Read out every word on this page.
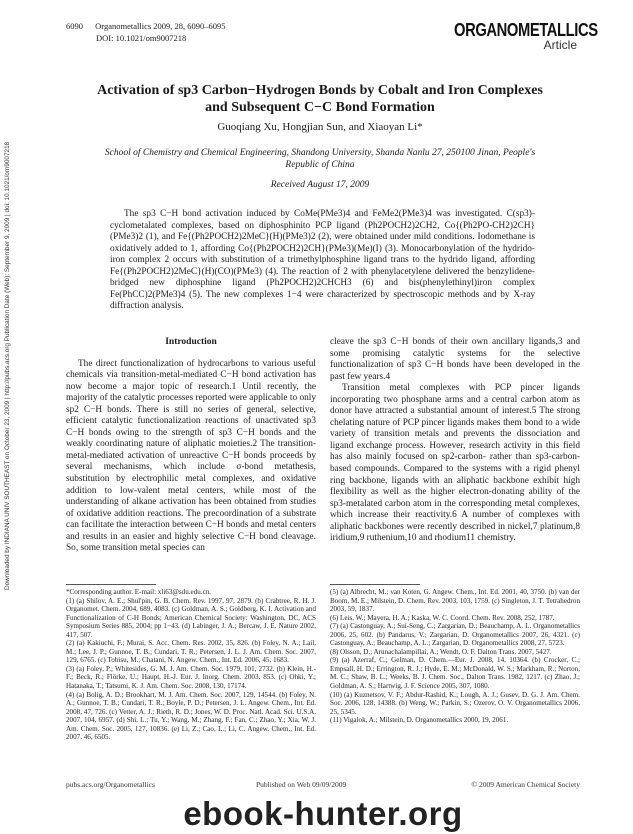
6090 Organometallics 2009, 28, 6090–6095
DOI: 10.1021/om9007218	ORGANOMETALLICS
Article
Activation of sp3 Carbon−Hydrogen Bonds by Cobalt and Iron Complexes and Subsequent C−C Bond Formation
Guoqiang Xu, Hongjian Sun, and Xiaoyan Li*
School of Chemistry and Chemical Engineering, Shandong University, Shanda Nanlu 27, 250100 Jinan, People's Republic of China
Received August 17, 2009
The sp3 C−H bond activation induced by CoMe(PMe3)4 and FeMe2(PMe3)4 was investigated. C(sp3)-cyclometalated complexes, based on diphosphinito PCP ligand (Ph2POCH2)2CH2, Co{(Ph2PO-CH2)2CH}(PMe3)2 (1), and Fe{(Ph2POCH2)2MeC}(H)(PMe3)2 (2), were obtained under mild conditions. Iodomethane is oxidatively added to 1, affording Co{(Ph2POCH2)2CH}(PMe3)(Me)(I) (3). Monocarbonylation of the hydrido-iron complex 2 occurs with substitution of a trimethylphosphine ligand trans to the hydrido ligand, affording Fe{(Ph2POCH2)2MeC}(H)(CO)(PMe3) (4). The reaction of 2 with phenylacetylene delivered the benzylidene-bridged new diphosphine ligand (Ph2POCH2)2CHCH3 (6) and bis(phenylethinyl)iron complex Fe(PhCC)2(PMe3)4 (5). The new complexes 1−4 were characterized by spectroscopic methods and by X-ray diffraction analysis.
Downloaded by INDIANA UNIV SOUTHEAST on October 23, 2009 | http://pubs.acs.org Publication Date (Web): September 9, 2009 | doi: 10.1021/om9007218	Introduction

The direct functionalization of hydrocarbons to various useful chemicals via transition-metal-mediated C−H bond activation has now become a major topic of research.1 Until recently, the majority of the catalytic processes reported were applicable to only sp2 C−H bonds. There is still no series of general, selective, efficient catalytic functionalization reactions of unactivated sp3 C−H bonds owing to the strength of sp3 C−H bonds and the weakly coordinating nature of aliphatic moieties.2 The transition-metal-mediated activation of unreactive C−H bonds proceeds by several mechanisms, which include σ-bond metathesis, substitution by electrophilic metal complexes, and oxidative addition to low-valent metal centers, while most of the understanding of alkane activation has been obtained from studies of oxidative addition reactions. The precoordination of a substrate can facilitate the interaction between C−H bonds and metal centers and results in an easier and highly selective C−H bond cleavage. So, some transition metal species can

cleave the sp3 C−H bonds of their own ancillary ligands,3 and some promising catalytic systems for the selective functionalization of sp3 C−H bonds have been developed in the past few years.4

Transition metal complexes with PCP pincer ligands incorporating two phosphane arms and a central carbon atom as donor have attracted a substantial amount of interest.5 The strong chelating nature of PCP pincer ligands makes them bond to a wide variety of transition metals and prevents the dissociation and ligand exchange process. However, research activity in this field has also mainly focused on sp2-carbon- rather than sp3-carbon-based compounds. Compared to the systems with a rigid phenyl ring backbone, ligands with an aliphatic backbone exhibit high flexibility as well as the higher electron-donating ability of the sp3-metalated carbon atom in the corresponding metal complexes, which increase their reactivity.6 A number of complexes with aliphatic backbones were recently described in nickel,7 platinum,8 iridium,9 ruthenium,10 and rhodium11 chemistry.

*Corresponding author. E-mail: xli63@sdu.edu.cn.

(1) (a) Shilov, A. E.; Shul'pin, G. B. Chem. Rev. 1997, 97, 2879. (b) Crabtree, R. H. J. Organomet. Chem. 2004, 689, 4083. (c) Goldman, A. S.; Goldberg, K. I. Activation and Functionalization of C-H Bonds; American Chemical Society: Washington, DC, ACS Symposium Series 885, 2004; pp 1−43. (d) Labinger, J. A.; Bercaw, J. E. Nature 2002, 417, 507.

(2) (a) Kakiuchi, F.; Murai, S. Acc. Chem. Res. 2002, 35, 826. (b) Foley, N. A.; Lail, M.; Lee, J. P.; Gunnoe, T. B.; Cundari, T. R.; Petersen, J. L. J. Am. Chem. Soc. 2007, 129, 6765. (c) Tobisu, M.; Chatani, N. Angew. Chem., Int. Ed. 2006, 45, 1683.

(3) (a) Foley, P.; Whitesides, G. M. J. Am. Chem. Soc. 1979, 101, 2732. (b) Klein, H.-F.; Beck, R.; Flörke, U.; Haupt, H.-J. Eur. J. Inorg. Chem. 2003, 853. (c) Ohki, Y.; Hatanaka, T.; Tatsumi, K. J. Am. Chem. Soc. 2008, 130, 17174.

(4) (a) Bolig, A. D.; Brookhart, M. J. Am. Chem. Soc. 2007, 129, 14544. (b) Foley, N. A.; Gunnoe, T. B.; Cundari, T. R.; Boyle, P. D.; Petersen, J. L. Angew. Chem., Int. Ed. 2008, 47, 726. (c) Vetter, A. J.; Rieth, R. D.; Jones, W. D. Proc. Natl. Acad. Sci. U.S.A. 2007, 104, 6957. (d) Shi, L.; Tu, Y.; Wang, M.; Zhang, F.; Fan, C.; Zhao, Y.; Xia, W. J. Am. Chem. Soc. 2005, 127, 10836. (e) Li, Z.; Cao, L.; Li, C. Angew. Chem., Int. Ed. 2007, 46, 6505.

(5) (a) Albrecht, M.; van Koten, G. Angew. Chem., Int. Ed. 2001, 40, 3750. (b) van der Boom, M. E.; Milstein, D. Chem. Rev. 2003, 103, 1759. (c) Singleton, J. T. Tetrahedron 2003, 59, 1837.

(6) Leis, W.; Mayera, H. A.; Kaska, W. C. Coord. Chem. Rev. 2008, 252, 1787.

(7) (a) Castonguay, A.; Sui-Seng, C.; Zargarian, D.; Beauchamp, A. L. Organometallics 2006, 25, 602. (b) Pandarus, V.; Zargarian, D. Organometallics 2007, 26, 4321. (c) Castonguay, A.; Beauchamp, A. L.; Zargarian, D. Organometallics 2008, 27, 5723.

(8) Olsson, D.; Arunachalampillai, A.; Wendt, O. F. Dalton Trans. 2007, 5427.

(9) (a) Azerraf, C.; Gelman, D. Chem.—Eur. J. 2008, 14, 10364. (b) Crocker, C.; Empsall, H. D.; Errington, R. J.; Hyde, E. M.; McDonald, W. S.; Markham, R.; Norton, M. C.; Shaw, B. L.; Weeks, B. J. Chem. Soc., Dalton Trans. 1982, 1217. (c) Zhao, J.; Goldman, A. S.; Hartwig, J. F. Science 2005, 307, 1080.

(10) (a) Kuznetsov, V. F.; Abdur-Rashid, K.; Lough, A. J.; Gusev, D. G. J. Am. Chem. Soc. 2006, 128, 14388. (b) Weng, W.; Parkin, S.; Ozerov, O. V. Organometallics 2006, 25, 5345.

(11) Vigalok, A.; Milstein, D. Organometallics 2000, 19, 2061.

pubs.acs.org/Organometallics	Published on Web 09/09/2009	© 2009 American Chemical Society
ebook-hunter.org
